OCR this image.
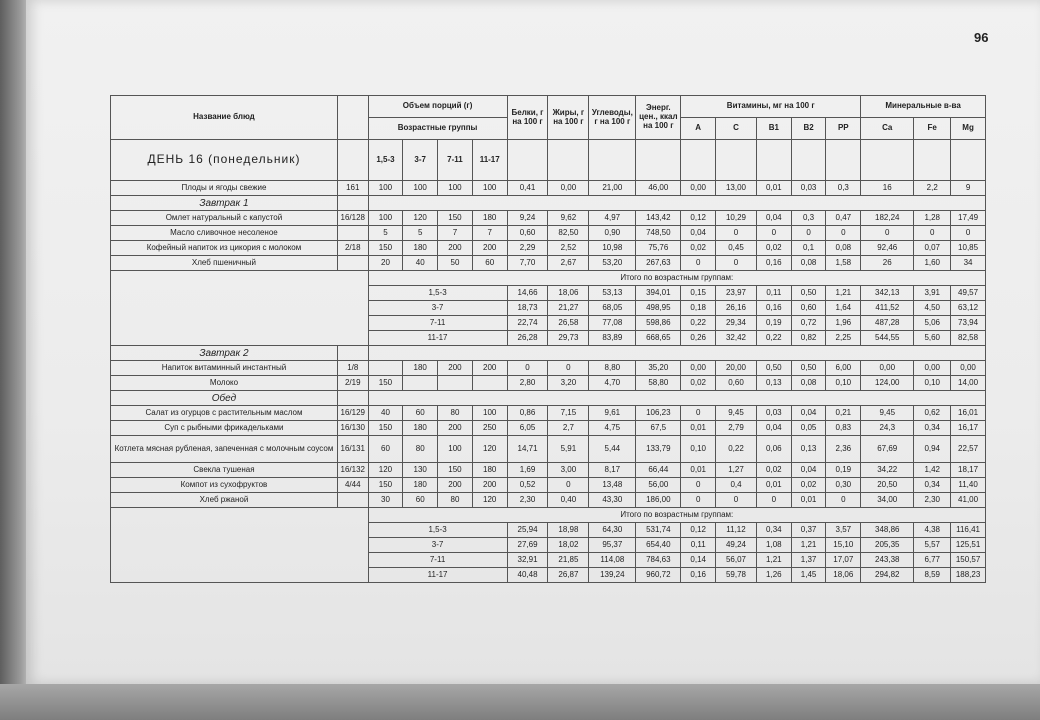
96
Название блюд		Объем порций (г)				Белки, г на 100 г	Жиры, г на 100 г	Углеводы, г на 100 г	Энерг. цен., ккал на 100 г	Витамины, мг на 100 г					Минеральные в-ва		
		Возрастные группы								A	C	B1	B2	PP	Ca	Fe	Mg
ДЕНЬ 16 (понедельник)		1,5-3	3-7	7-11	11-17												
Плоды и ягоды свежие	161	100	100	100	100	0,41	0,00	21,00	46,00	0,00	13,00	0,01	0,03	0,3	16	2,2	9
Завтрак 1																	
Омлет натуральный с капустой	16/128	100	120	150	180	9,24	9,62	4,97	143,42	0,12	10,29	0,04	0,3	0,47	182,24	1,28	17,49
Масло сливочное несоленое		5	5	7	7	0,60	82,50	0,90	748,50	0,04	0	0	0	0	0	0	0
Кофейный напиток из цикория с молоком	2/18	150	180	200	200	2,29	2,52	10,98	75,76	0,02	0,45	0,02	0,1	0,08	92,46	0,07	10,85
Хлеб пшеничный		20	40	50	60	7,70	2,67	53,20	267,63	0	0	0,16	0,08	1,58	26	1,60	34
		Итого по возрастным группам:															
		1,5-3				14,66	18,06	53,13	394,01	0,15	23,97	0,11	0,50	1,21	342,13	3,91	49,57
		3-7				18,73	21,27	68,05	498,95	0,18	26,16	0,16	0,60	1,64	411,52	4,50	63,12
		7-11				22,74	26,58	77,08	598,86	0,22	29,34	0,19	0,72	1,96	487,28	5,06	73,94
		11-17				26,28	29,73	83,89	668,65	0,26	32,42	0,22	0,82	2,25	544,55	5,60	82,58
Завтрак 2																	
Напиток витаминный инстантный	1/8		180	200	200	0	0	8,80	35,20	0,00	20,00	0,50	0,50	6,00	0,00	0,00	0,00
Молоко	2/19	150				2,80	3,20	4,70	58,80	0,02	0,60	0,13	0,08	0,10	124,00	0,10	14,00
Обед																	
Салат из огурцов с растительным маслом	16/129	40	60	80	100	0,86	7,15	9,61	106,23	0	9,45	0,03	0,04	0,21	9,45	0,62	16,01
Суп с рыбными фрикадельками	16/130	150	180	200	250	6,05	2,7	4,75	67,5	0,01	2,79	0,04	0,05	0,83	24,3	0,34	16,17
Котлета мясная рубленая, запеченная с молочным соусом	16/131	60	80	100	120	14,71	5,91	5,44	133,79	0,10	0,22	0,06	0,13	2,36	67,69	0,94	22,57
Свекла тушеная	16/132	120	130	150	180	1,69	3,00	8,17	66,44	0,01	1,27	0,02	0,04	0,19	34,22	1,42	18,17
Компот из сухофруктов	4/44	150	180	200	200	0,52	0	13,48	56,00	0	0,4	0,01	0,02	0,30	20,50	0,34	11,40
Хлеб ржаной		30	60	80	120	2,30	0,40	43,30	186,00	0	0	0	0,01	0	34,00	2,30	41,00
		Итого по возрастным группам:															
		1,5-3				25,94	18,98	64,30	531,74	0,12	11,12	0,34	0,37	3,57	348,86	4,38	116,41
		3-7				27,69	18,02	95,37	654,40	0,11	49,24	1,08	1,21	15,10	205,35	5,57	125,51
		7-11				32,91	21,85	114,08	784,63	0,14	56,07	1,21	1,37	17,07	243,38	6,77	150,57
		11-17				40,48	26,87	139,24	960,72	0,16	59,78	1,26	1,45	18,06	294,82	8,59	188,23
